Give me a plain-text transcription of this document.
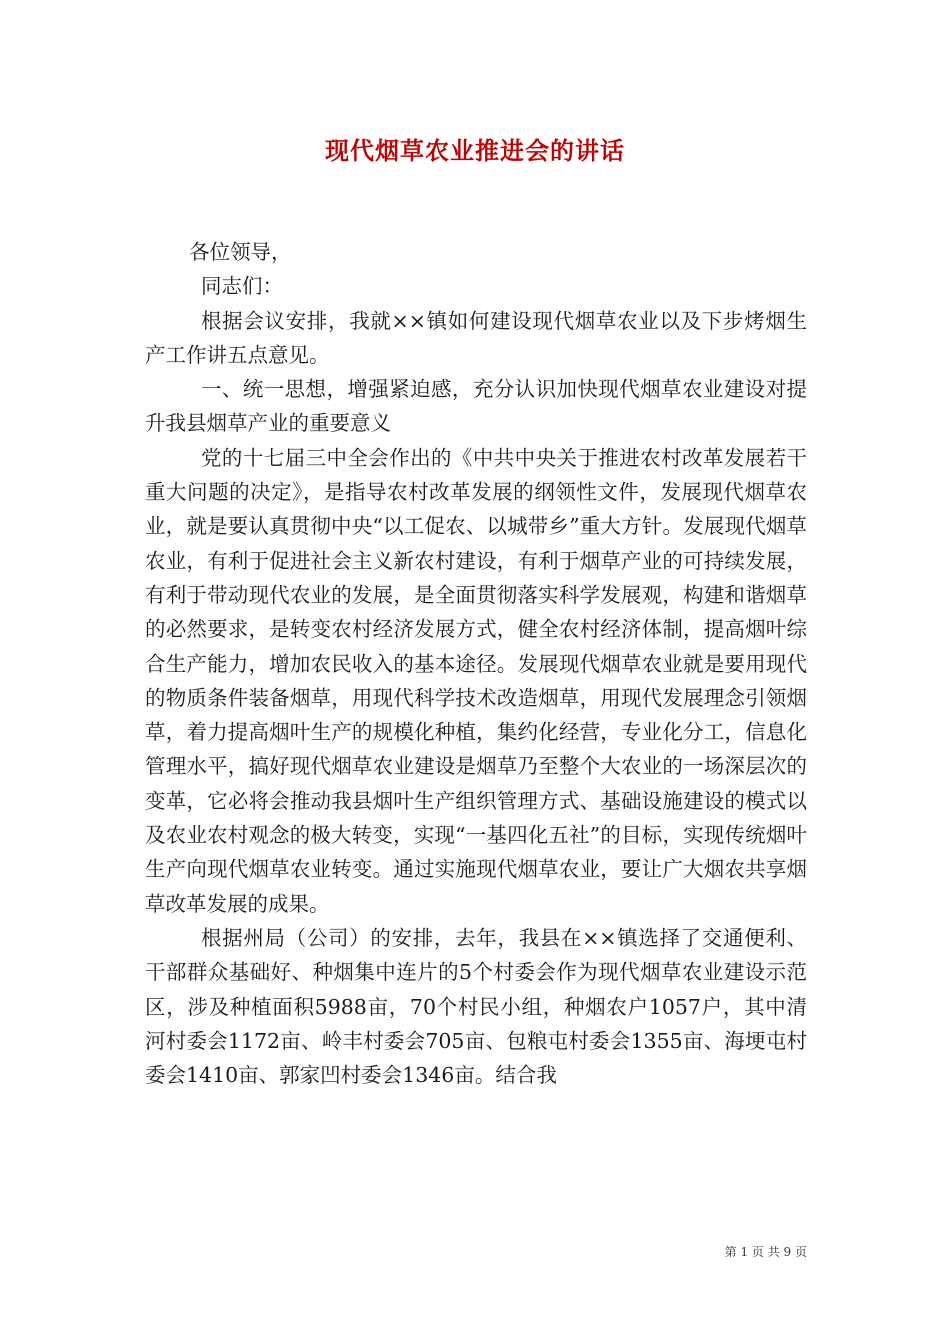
现代烟草农业推进会的讲话

各位领导，

同志们：

根据会议安排，我就××镇如何建设现代烟草农业以及下步烤烟生产工作讲五点意见。

一、统一思想，增强紧迫感，充分认识加快现代烟草农业建设对提升我县烟草产业的重要意义

党的十七届三中全会作出的《中共中央关于推进农村改革发展若干重大问题的决定》，是指导农村改革发展的纲领性文件，发展现代烟草农业，就是要认真贯彻中央“以工促农、以城带乡”重大方针。发展现代烟草农业，有利于促进社会主义新农村建设，有利于烟草产业的可持续发展，有利于带动现代农业的发展，是全面贯彻落实科学发展观，构建和谐烟草的必然要求，是转变农村经济发展方式，健全农村经济体制，提高烟叶综合生产能力，增加农民收入的基本途径。发展现代烟草农业就是要用现代的物质条件装备烟草，用现代科学技术改造烟草，用现代发展理念引领烟草，着力提高烟叶生产的规模化种植，集约化经营，专业化分工，信息化管理水平，搞好现代烟草农业建设是烟草乃至整个大农业的一场深层次的变革，它必将会推动我县烟叶生产组织管理方式、基础设施建设的模式以及农业农村观念的极大转变，实现“一基四化五社”的目标，实现传统烟叶生产向现代烟草农业转变。通过实施现代烟草农业，要让广大烟农共享烟草改革发展的成果。

根据州局（公司）的安排，去年，我县在××镇选择了交通便利、干部群众基础好、种烟集中连片的5个村委会作为现代烟草农业建设示范区，涉及种植面积5988亩，70个村民小组，种烟农户1057户，其中清河村委会1172亩、岭丰村委会705亩、包粮屯村委会1355亩、海埂屯村委会1410亩、郭家凹村委会1346亩。结合我

第 1 页 共 9 页
